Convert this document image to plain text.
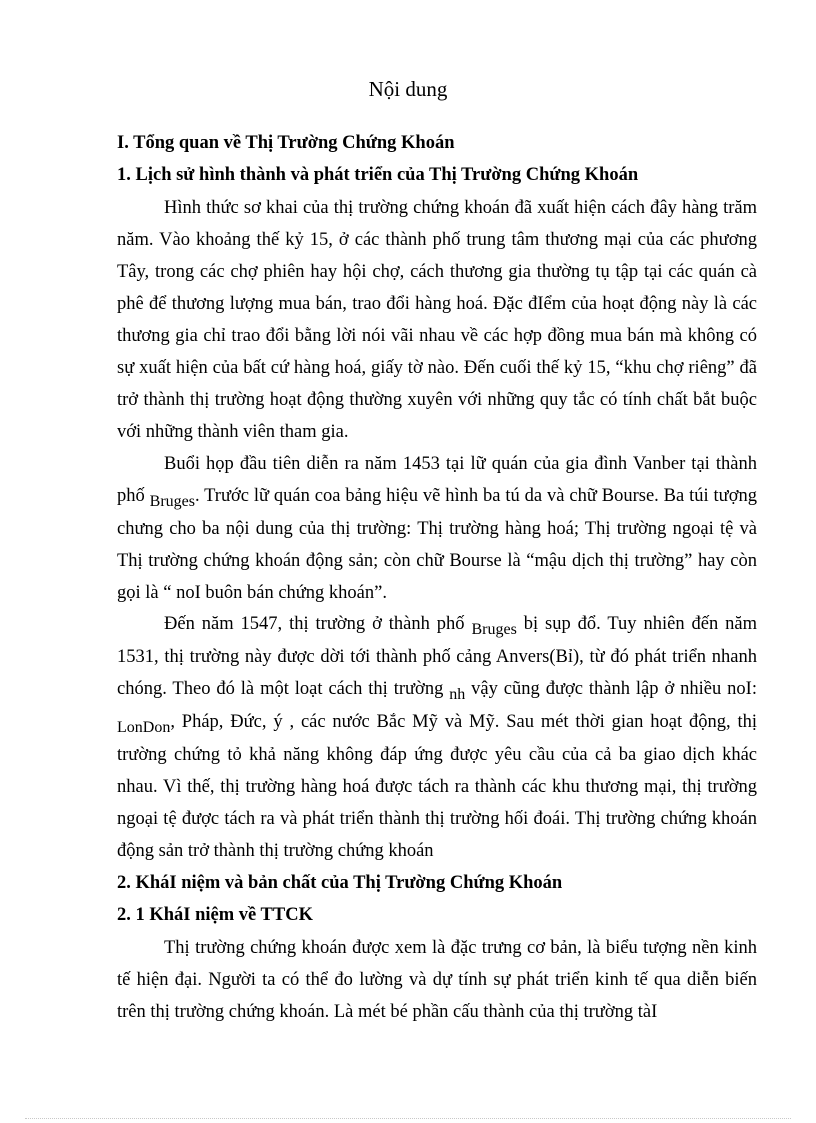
Nội dung
I. Tổng quan về Thị Trường Chứng Khoán
1. Lịch sử hình thành và phát triển của Thị Trường Chứng Khoán
Hình thức sơ khai của thị trường chứng khoán đã xuất hiện cách đây hàng trăm năm. Vào khoảng thế kỷ 15, ở các thành phố trung tâm thương mại của các phương Tây, trong các chợ phiên hay hội chợ, cách thương gia thường tụ tập tại các quán cà phê để thương lượng mua bán, trao đổi hàng hoá. Đặc đIểm của hoạt động này là các thương gia chỉ trao đổi bằng lời nói vãi nhau về các hợp đồng mua bán mà không có sự xuất hiện của bất cứ hàng hoá, giấy tờ nào. Đến cuối thế kỷ 15, “khu chợ riêng” đã trở thành thị trường hoạt động thường xuyên với những quy tắc có tính chất bắt buộc với những thành viên tham gia.
Buổi họp đầu tiên diễn ra năm 1453 tại lữ quán của gia đình Vanber tại thành phố Bruges. Trước lữ quán coa bảng hiệu vẽ hình ba tú da và chữ Bourse. Ba túi tượng chưng cho ba nội dung của thị trường: Thị trường hàng hoá; Thị trường ngoại tệ và Thị trường chứng khoán động sản; còn chữ Bourse là “mậu dịch thị trường” hay còn gọi là “ noI buôn bán chứng khoán”.
Đến năm 1547, thị trường ở thành phố Bruges bị sụp đổ. Tuy nhiên đến năm 1531, thị trường này được dời tới thành phố cảng Anvers(Bỉ), từ đó phát triển nhanh chóng. Theo đó là một loạt cách thị trường nh vậy cũng được thành lập ở nhiều noI: LonDon, Pháp, Đức, ý , các nước Bắc Mỹ và Mỹ. Sau mét thời gian hoạt động, thị trường chứng tỏ khả năng không đáp ứng được yêu cầu của cả ba giao dịch khác nhau. Vì thế, thị trường hàng hoá được tách ra thành các khu thương mại, thị trường ngoại tệ được tách ra và phát triển thành thị trường hối đoái. Thị trường chứng khoán động sản trở thành thị trường chứng khoán
2. KháI niệm và bản chất của Thị Trường Chứng Khoán
2. 1 KháI niệm về TTCK
Thị trường chứng khoán được xem là đặc trưng cơ bản, là biểu tượng nền kinh tế hiện đại. Người ta có thể đo lường và dự tính sự phát triển kinh tế qua diễn biến trên thị trường chứng khoán. Là mét bé phần cấu thành của thị trường tàI
